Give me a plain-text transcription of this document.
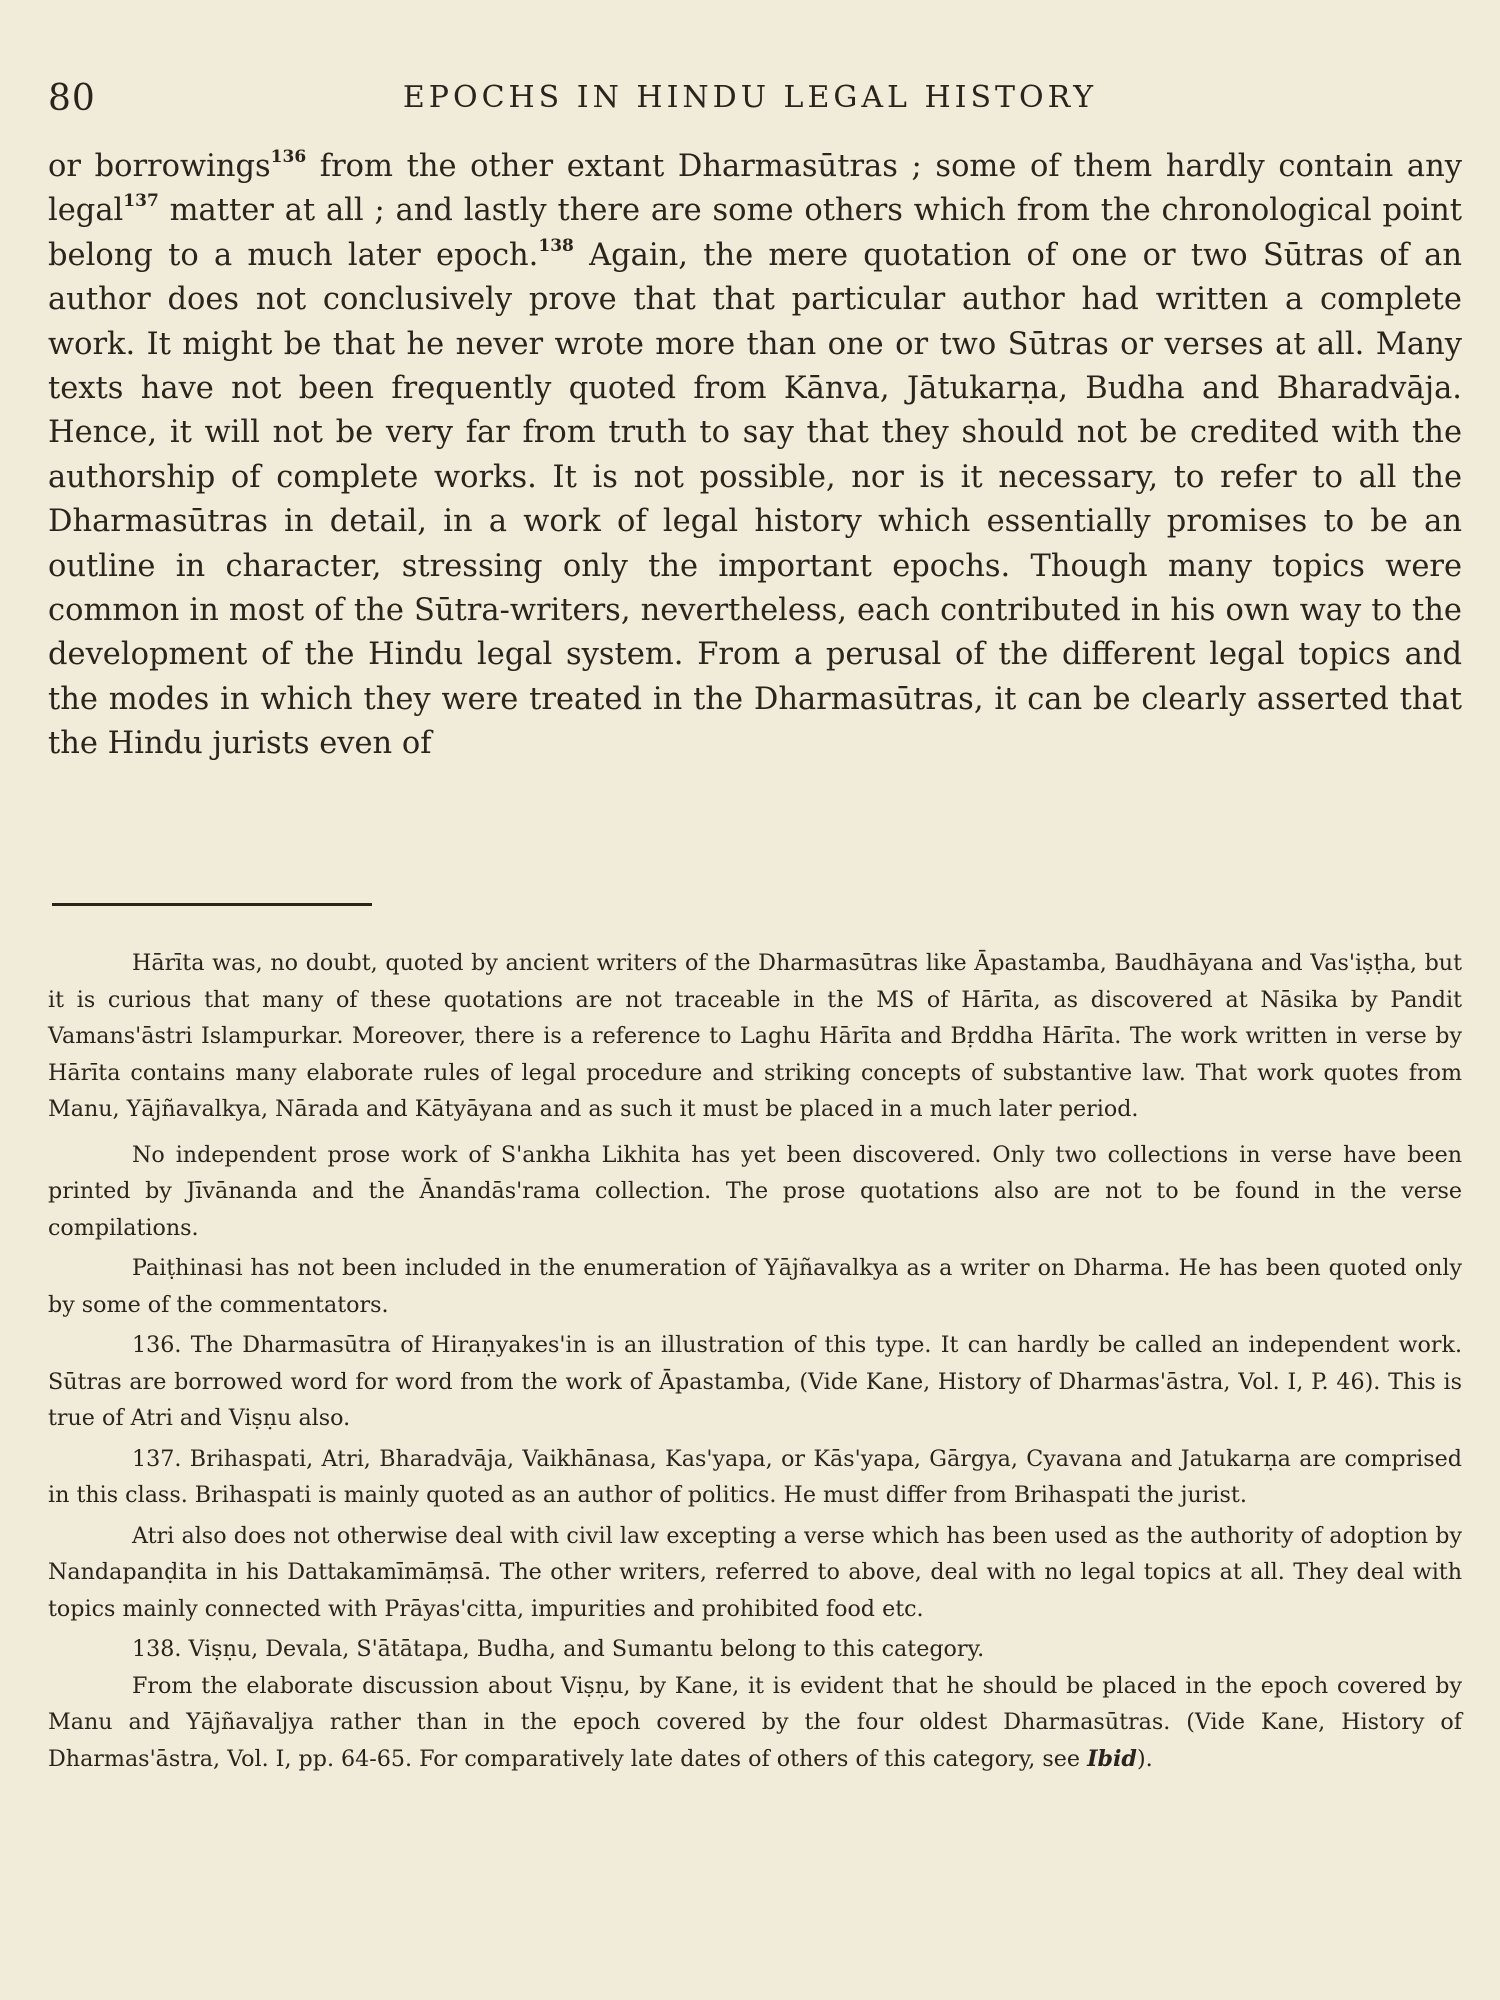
80	EPOCHS IN HINDU LEGAL HISTORY

or borrowings$^{136}$ from the other extant Dharmasūtras ; some of them hardly contain any legal$^{137}$ matter at all ; and lastly there are some others which from the chronological point belong to a much later epoch.$^{138}$ Again, the mere quotation of one or two Sūtras of an author does not conclusively prove that that particular author had written a complete work. It might be that he never wrote more than one or two Sūtras or verses at all. Many texts have not been frequently quoted from Kānva, Jātukarṇa, Budha and Bharadvāja. Hence, it will not be very far from truth to say that they should not be credited with the authorship of complete works. It is not possible, nor is it necessary, to refer to all the Dharmasūtras in detail, in a work of legal history which essentially promises to be an outline in character, stressing only the important epochs. Though many topics were common in most of the Sūtra-writers, nevertheless, each contributed in his own way to the development of the Hindu legal system. From a perusal of the different legal topics and the modes in which they were treated in the Dharmasūtras, it can be clearly asserted that the Hindu jurists even of

Hārīta was, no doubt, quoted by ancient writers of the Dharmasūtras like Āpastamba, Baudhāyana and Vas'iṣṭha, but it is curious that many of these quotations are not traceable in the MS of Hārīta, as discovered at Nāsika by Pandit Vamans'āstri Islampurkar. Moreover, there is a reference to Laghu Hārīta and Bṛddha Hārīta. The work written in verse by Hārīta contains many elaborate rules of legal procedure and striking concepts of substantive law. That work quotes from Manu, Yājñavalkya, Nārada and Kātyāyana and as such it must be placed in a much later period.

No independent prose work of S'ankha Likhita has yet been discovered. Only two collections in verse have been printed by Jīvānanda and the Ānandās'rama collection. The prose quotations also are not to be found in the verse compilations.

Paiṭhinasi has not been included in the enumeration of Yājñavalkya as a writer on Dharma. He has been quoted only by some of the commentators.

136. The Dharmasūtra of Hiraṇyakes'in is an illustration of this type. It can hardly be called an independent work. Sūtras are borrowed word for word from the work of Āpastamba, (Vide Kane, History of Dharmas'āstra, Vol. I, P. 46). This is true of Atri and Viṣṇu also.

137. Brihaspati, Atri, Bharadvāja, Vaikhānasa, Kas'yapa, or Kās'yapa, Gārgya, Cyavana and Jatukarṇa are comprised in this class. Brihaspati is mainly quoted as an author of politics. He must differ from Brihaspati the jurist.

Atri also does not otherwise deal with civil law excepting a verse which has been used as the authority of adoption by Nandapanḍita in his Dattakamīmāṃsā. The other writers, referred to above, deal with no legal topics at all. They deal with topics mainly connected with Prāyas'citta, impurities and prohibited food etc.

138. Viṣṇu, Devala, S'ātātapa, Budha, and Sumantu belong to this category.

From the elaborate discussion about Viṣṇu, by Kane, it is evident that he should be placed in the epoch covered by Manu and Yājñavaljya rather than in the epoch covered by the four oldest Dharmasūtras. (Vide Kane, History of Dharmas'āstra, Vol. I, pp. 64-65. For comparatively late dates of others of this category, see Ibid).
